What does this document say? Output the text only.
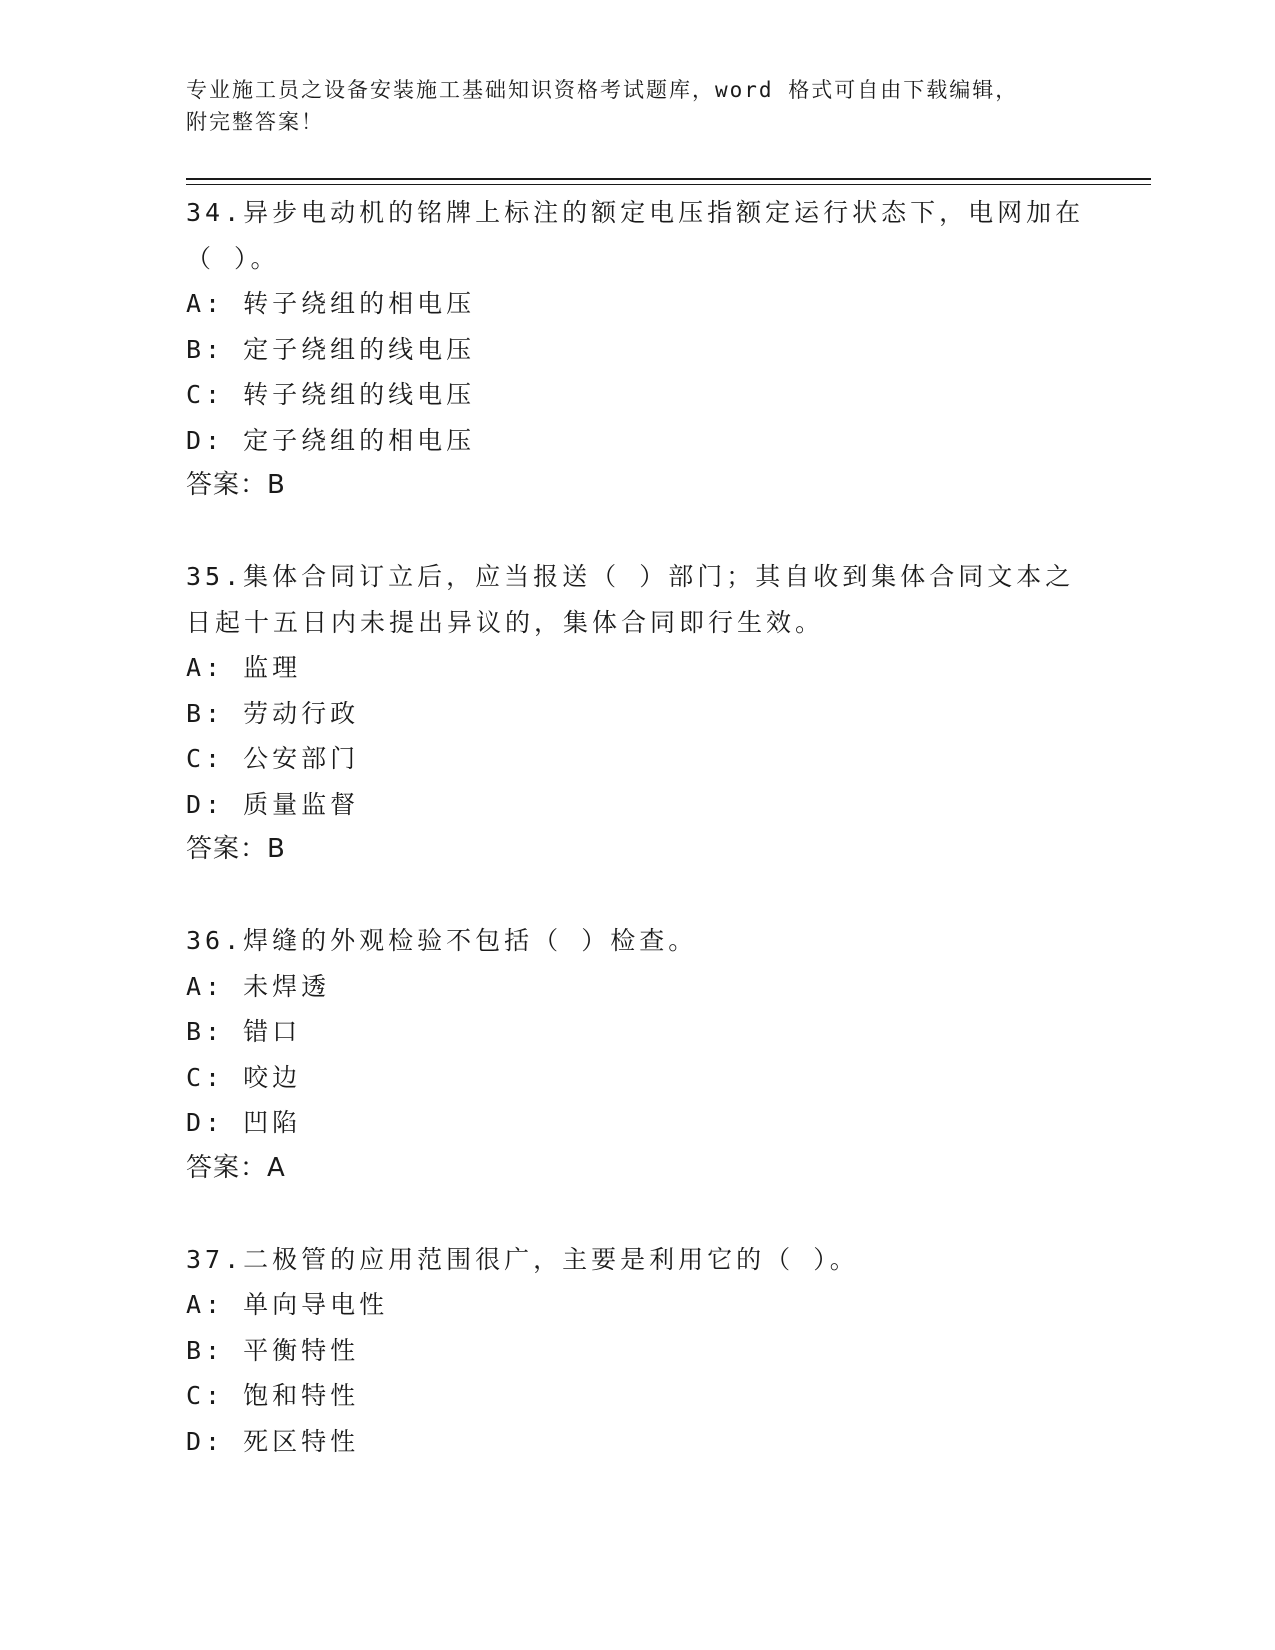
专业施工员之设备安装施工基础知识资格考试题库，word 格式可自由下载编辑，
附完整答案！
34.异步电动机的铭牌上标注的额定电压指额定运行状态下，电网加在
（ ）。
A: 转子绕组的相电压
B: 定子绕组的线电压
C: 转子绕组的线电压
D: 定子绕组的相电压
答案：B
35.集体合同订立后，应当报送（ ）部门；其自收到集体合同文本之
日起十五日内未提出异议的，集体合同即行生效。
A: 监理
B: 劳动行政
C: 公安部门
D: 质量监督
答案：B
36.焊缝的外观检验不包括（ ）检查。
A: 未焊透
B: 错口
C: 咬边
D: 凹陷
答案：A
37.二极管的应用范围很广，主要是利用它的（ ）。
A: 单向导电性
B: 平衡特性
C: 饱和特性
D: 死区特性
